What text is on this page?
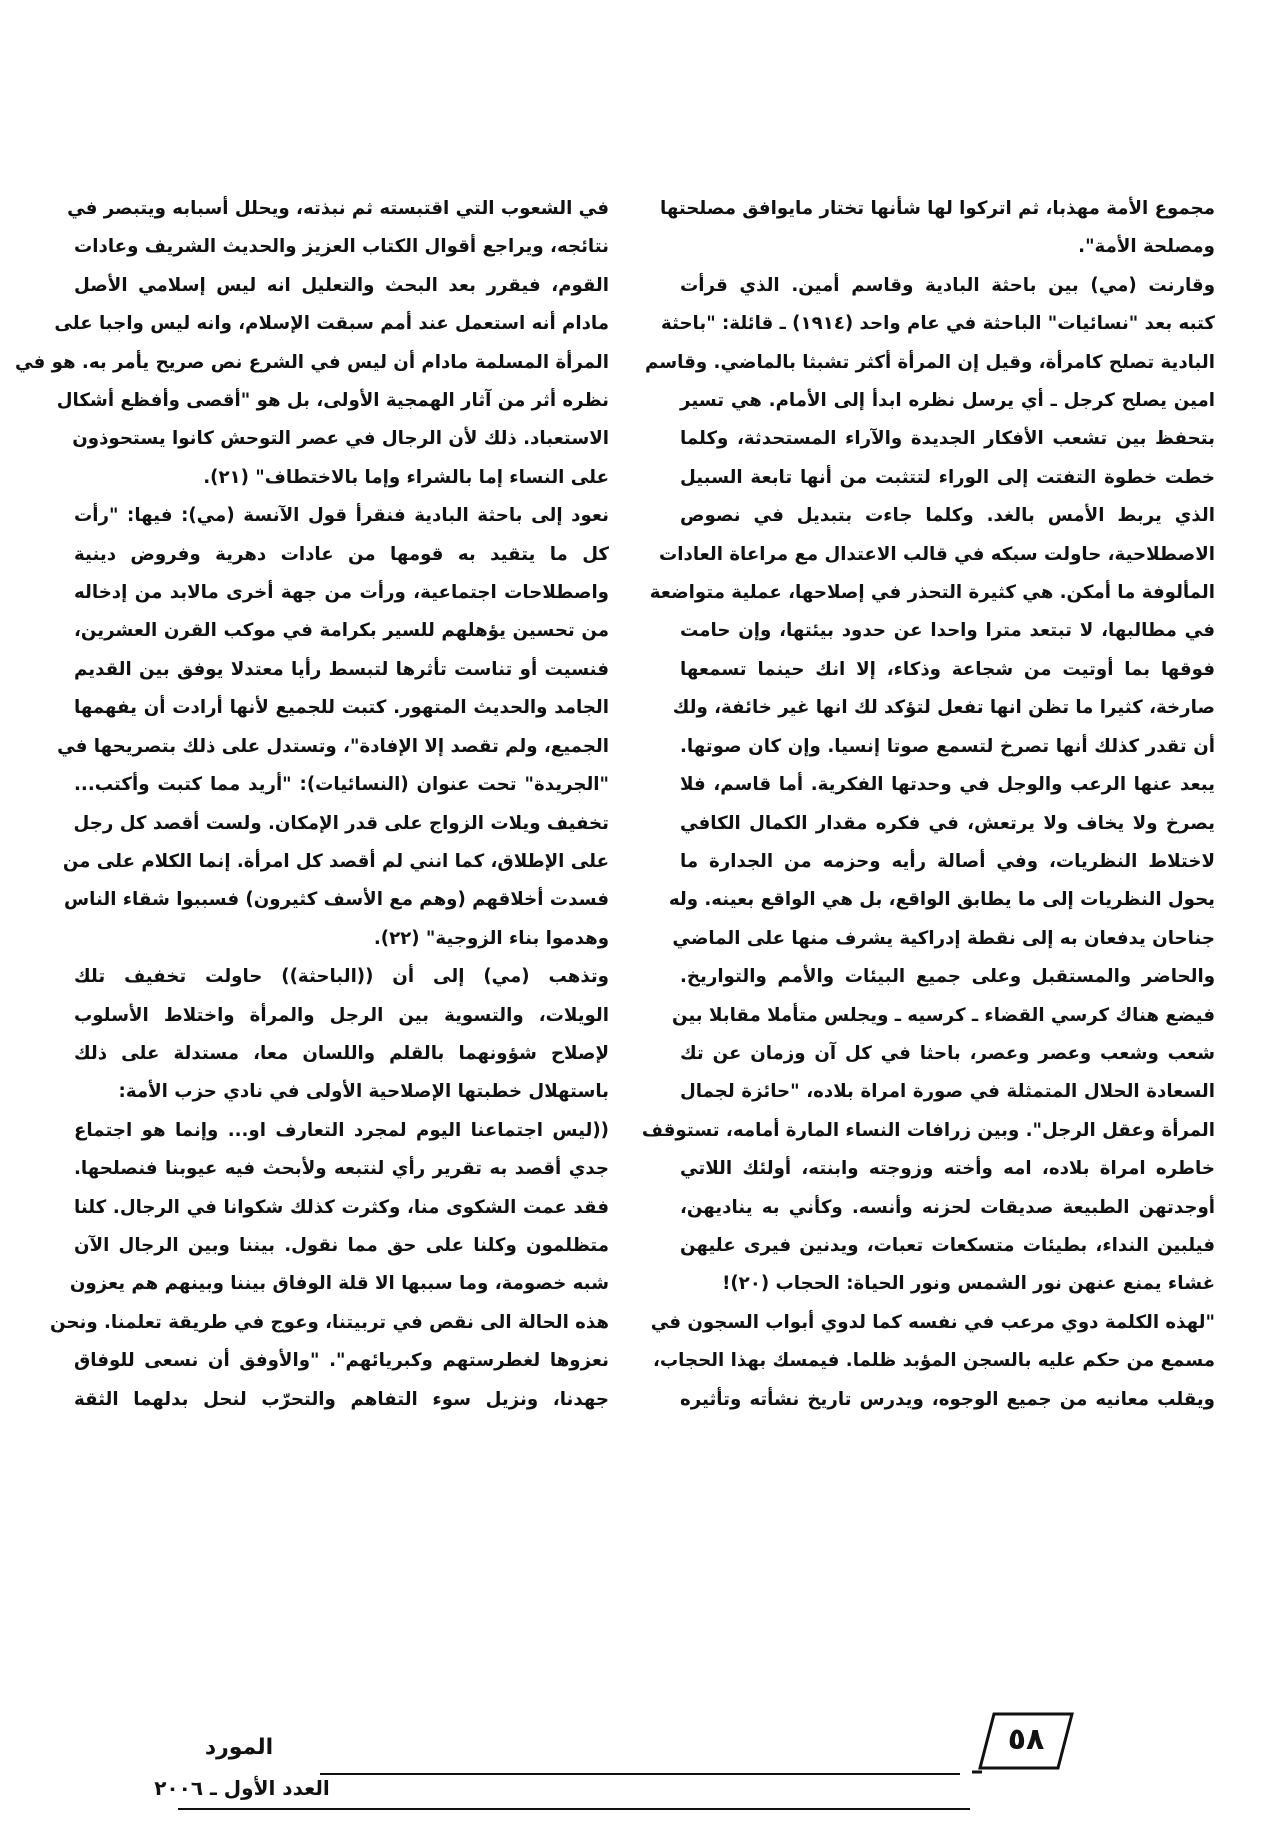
مجموع الأمة مهذبا، ثم اتركوا لها شأنها تختار مايوافق مصلحتها
ومصلحة الأمة".
وقارنت (مي) بين باحثة البادية وقاسم أمين. الذي قرأت
كتبه بعد "نسائيات" الباحثة في عام واحد (١٩١٤) ـ قائلة: "باحثة
البادية تصلح كامرأة، وقيل إن المرأة أكثر تشبثا بالماضي. وقاسم
امين يصلح كرجل ـ أي يرسل نظره ابدأ إلى الأمام. هي تسير
بتحفظ بين تشعب الأفكار الجديدة والآراء المستحدثة، وكلما
خطت خطوة التفتت إلى الوراء لتتثبت من أنها تابعة السبيل
الذي يربط الأمس بالغد. وكلما جاءت بتبديل في نصوص
الاصطلاحية، حاولت سبكه في قالب الاعتدال مع مراعاة العادات
المألوفة ما أمكن. هي كثيرة التحذر في إصلاحها، عملية متواضعة
في مطالبها، لا تبتعد مترا واحدا عن حدود بيئتها، وإن حامت
فوقها بما أوتيت من شجاعة وذكاء، إلا انك حينما تسمعها
صارخة، كثيرا ما تظن انها تفعل لتؤكد لك انها غير خائفة، ولك
أن تقدر كذلك أنها تصرخ لتسمع صوتا إنسيا. وإن كان صوتها.
يبعد عنها الرعب والوجل في وحدتها الفكرية. أما قاسم، فلا
يصرخ ولا يخاف ولا يرتعش، في فكره مقدار الكمال الكافي
لاختلاط النظريات، وفي أصالة رأيه وحزمه من الجدارة ما
يحول النظريات إلى ما يطابق الواقع، بل هي الواقع بعينه. وله
جناحان يدفعان به إلى نقطة إدراكية يشرف منها على الماضي
والحاضر والمستقبل وعلى جميع البيئات والأمم والتواريخ.
فيضع هناك كرسي القضاء ـ كرسيه ـ ويجلس متأملا مقابلا بين
شعب وشعب وعصر وعصر، باحثا في كل آن وزمان عن تك
السعادة الحلال المتمثلة في صورة امراة بلاده، "حائزة لجمال
المرأة وعقل الرجل". وبين زرافات النساء المارة أمامه، تستوقف
خاطره امراة بلاده، امه وأخته وزوجته وابنته، أولئك اللاتي
أوجدتهن الطبيعة صديقات لحزنه وأنسه. وكأني به يناديهن،
فيلبين النداء، بطيئات متسكعات تعبات، ويدنين فيرى عليهن
غشاء يمنع عنهن نور الشمس ونور الحياة: الحجاب (٢٠)!
"لهذه الكلمة دوي مرعب في نفسه كما لدوي أبواب السجون في
مسمع من حكم عليه بالسجن المؤبد ظلما. فيمسك بهذا الحجاب،
ويقلب معانيه من جميع الوجوه، ويدرس تاريخ نشأته وتأثيره
في الشعوب التي اقتبسته ثم نبذته، ويحلل أسبابه ويتبصر في
نتائجه، ويراجع أقوال الكتاب العزيز والحديث الشريف وعادات
القوم، فيقرر بعد البحث والتعليل انه ليس إسلامي الأصل
مادام أنه استعمل عند أمم سبقت الإسلام، وانه ليس واجبا على
المرأة المسلمة مادام أن ليس في الشرع نص صريح يأمر به. هو في
نظره أثر من آثار الهمجية الأولى، بل هو "أقصى وأفظع أشكال
الاستعباد. ذلك لأن الرجال في عصر التوحش كانوا يستحوذون
على النساء إما بالشراء وإما بالاختطاف" (٢١).
نعود إلى باحثة البادية فنقرأ قول الآنسة (مي): فيها: "رأت
كل ما يتقيد به قومها من عادات دهرية وفروض دينية
واصطلاحات اجتماعية، ورأت من جهة أخرى مالابد من إدخاله
من تحسين يؤهلهم للسير بكرامة في موكب القرن العشرين،
فنسيت أو تناست تأثرها لتبسط رأيا معتدلا يوفق بين القديم
الجامد والحديث المتهور. كتبت للجميع لأنها أرادت أن يفهمها
الجميع، ولم تقصد إلا الإفادة"، وتستدل على ذلك بتصريحها في
"الجريدة" تحت عنوان (النسائيات): "أريد مما كتبت وأكتب...
تخفيف ويلات الزواج على قدر الإمكان. ولست أقصد كل رجل
على الإطلاق، كما انني لم أقصد كل امرأة. إنما الكلام على من
فسدت أخلاقهم (وهم مع الأسف كثيرون) فسببوا شقاء الناس
وهدموا بناء الزوجية" (٢٢).
وتذهب (مي) إلى أن ((الباحثة)) حاولت تخفيف تلك
الويلات، والتسوية بين الرجل والمرأة واختلاط الأسلوب
لإصلاح شؤونهما بالقلم واللسان معا، مستدلة على ذلك
باستهلال خطبتها الإصلاحية الأولى في نادي حزب الأمة:
((ليس اجتماعنا اليوم لمجرد التعارف او... وإنما هو اجتماع
جدي أقصد به تقرير رأي لنتبعه ولأبحث فيه عيوبنا فنصلحها.
فقد عمت الشكوى منا، وكثرت كذلك شكوانا في الرجال. كلنا
متظلمون وكلنا على حق مما نقول. بيننا وبين الرجال الآن
شبه خصومة، وما سببها الا قلة الوفاق بيننا وبينهم هم يعزون
هذه الحالة الى نقص في تربيتنا، وعوج في طريقة تعلمنا. ونحن
نعزوها لغطرستهم وكبريائهم". "والأوفق أن نسعى للوفاق
جهدنا، ونزيل سوء التفاهم والتحرّب لنحل بدلهما الثقة
٥٨
المورد
العدد الأول ـ ٢٠٠٦
